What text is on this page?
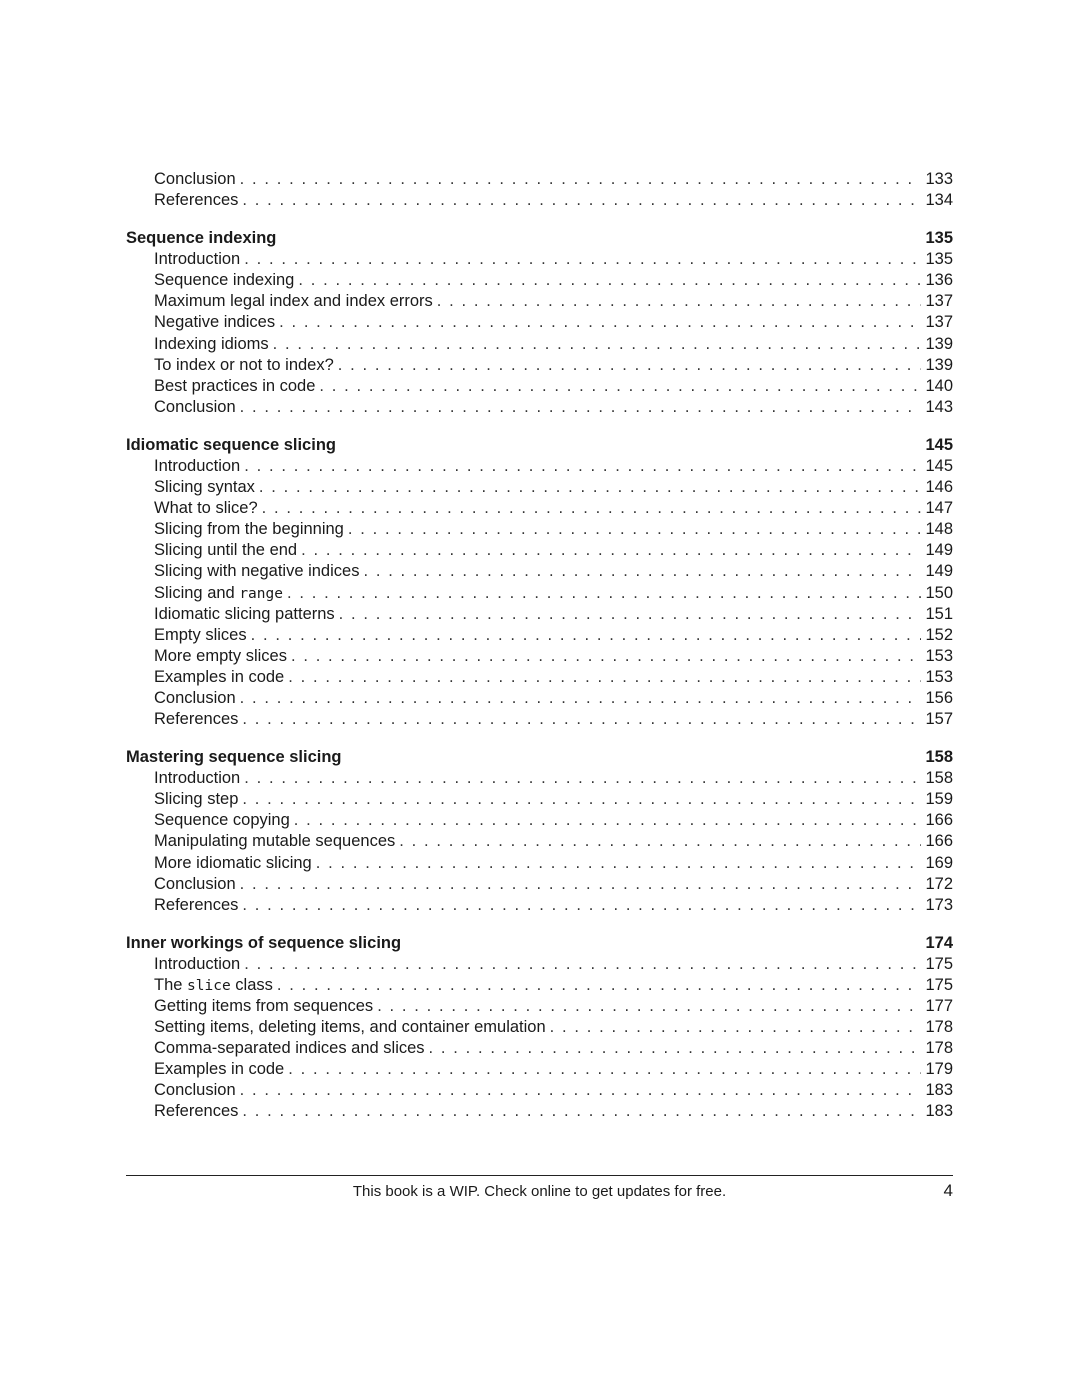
Conclusion . . .	133
References . . .	134
Sequence indexing	135
Introduction . . .	135
Sequence indexing . . .	136
Maximum legal index and index errors . . .	137
Negative indices . . .	137
Indexing idioms . . .	139
To index or not to index? . . .	139
Best practices in code . . .	140
Conclusion . . .	143
Idiomatic sequence slicing	145
Introduction . . .	145
Slicing syntax . . .	146
What to slice? . . .	147
Slicing from the beginning . . .	148
Slicing until the end . . .	149
Slicing with negative indices . . .	149
Slicing and range . . .	150
Idiomatic slicing patterns . . .	151
Empty slices . . .	152
More empty slices . . .	153
Examples in code . . .	153
Conclusion . . .	156
References . . .	157
Mastering sequence slicing	158
Introduction . . .	158
Slicing step . . .	159
Sequence copying . . .	166
Manipulating mutable sequences . . .	166
More idiomatic slicing . . .	169
Conclusion . . .	172
References . . .	173
Inner workings of sequence slicing	174
Introduction . . .	175
The slice class . . .	175
Getting items from sequences . . .	177
Setting items, deleting items, and container emulation . . .	178
Comma-separated indices and slices . . .	178
Examples in code . . .	179
Conclusion . . .	183
References . . .	183
This book is a WIP. Check online to get updates for free.	4
